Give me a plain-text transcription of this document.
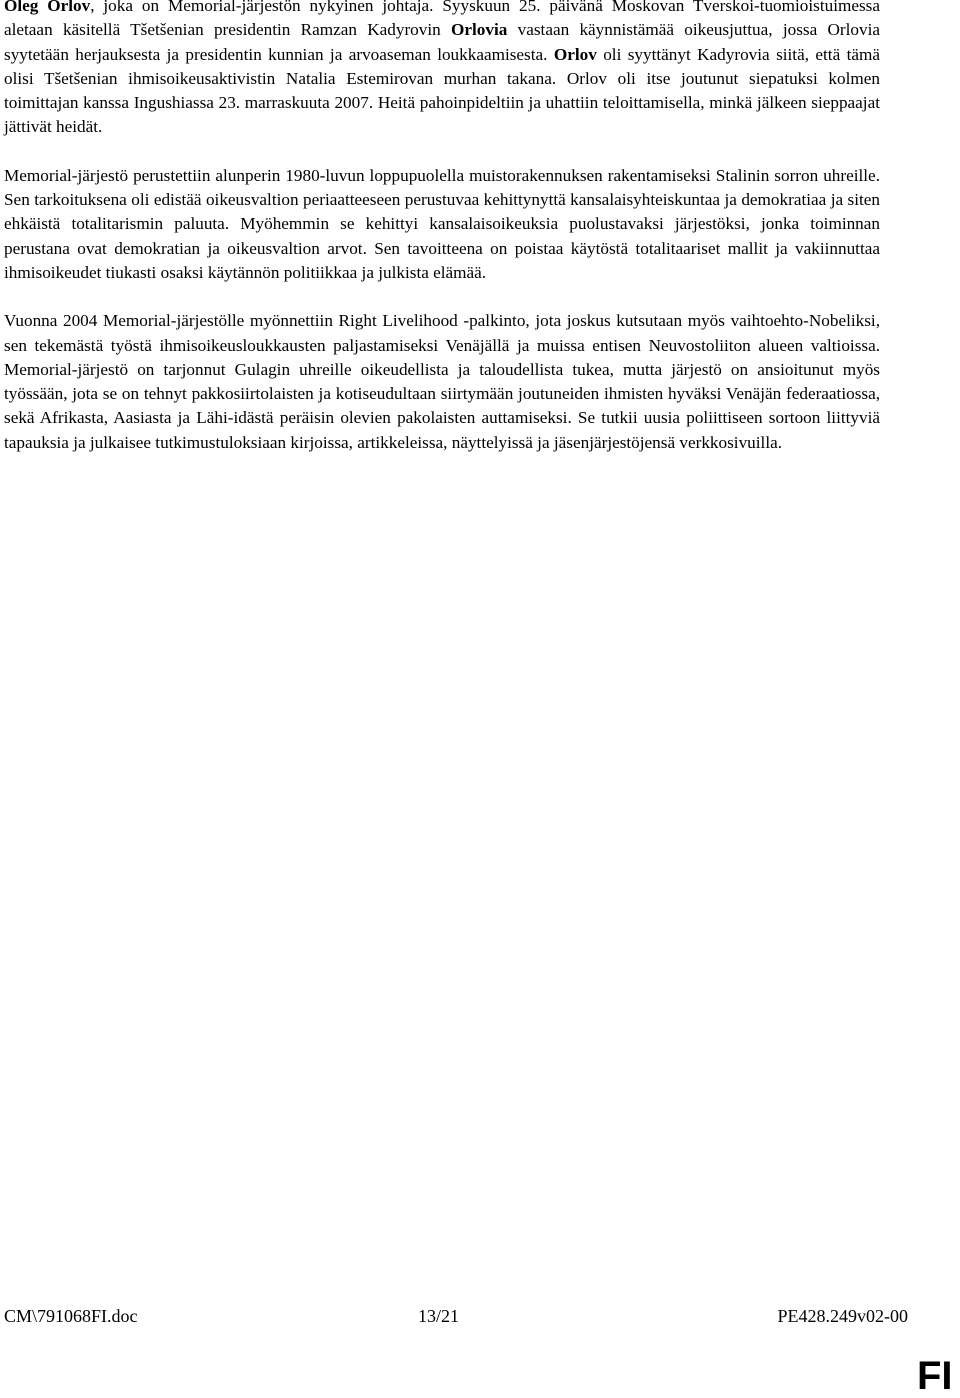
Oleg Orlov, joka on Memorial-järjestön nykyinen johtaja. Syyskuun 25. päivänä Moskovan Tverskoi-tuomioistuimessa aletaan käsitellä Tšetšenian presidentin Ramzan Kadyrovin Orlovia vastaan käynnistämää oikeusjuttua, jossa Orlovia syytetään herjauksesta ja presidentin kunnian ja arvoaseman loukkaamisesta. Orlov oli syyttänyt Kadyrovia siitä, että tämä olisi Tšetšenian ihmisoikeusaktivistin Natalia Estemirovan murhan takana. Orlov oli itse joutunut siepatuksi kolmen toimittajan kanssa Ingushiassa 23. marraskuuta 2007. Heitä pahoinpideltiin ja uhattiin teloittamisella, minkä jälkeen sieppaajat jättivät heidät.

Memorial-järjestö perustettiin alunperin 1980-luvun loppupuolella muistorakennuksen rakentamiseksi Stalinin sorron uhreille. Sen tarkoituksena oli edistää oikeusvaltion periaatteeseen perustuvaa kehittynyttä kansalaisyhteiskuntaa ja demokratiaa ja siten ehkäistä totalitarismin paluuta. Myöhemmin se kehittyi kansalaisoikeuksia puolustavaksi järjestöksi, jonka toiminnan perustana ovat demokratian ja oikeusvaltion arvot. Sen tavoitteena on poistaa käytöstä totalitaariset mallit ja vakiinnuttaa ihmisoikeudet tiukasti osaksi käytännön politiikkaa ja julkista elämää.

Vuonna 2004 Memorial-järjestölle myönnettiin Right Livelihood -palkinto, jota joskus kutsutaan myös vaihtoehto-Nobeliksi, sen tekemästä työstä ihmisoikeusloukkausten paljastamiseksi Venäjällä ja muissa entisen Neuvostoliiton alueen valtioissa. Memorial-järjestö on tarjonnut Gulagin uhreille oikeudellista ja taloudellista tukea, mutta järjestö on ansioitunut myös työssään, jota se on tehnyt pakkosiirtolaisten ja kotiseudultaan siirtymään joutuneiden ihmisten hyväksi Venäjän federaatiossa, sekä Afrikasta, Aasiasta ja Lähi-idästä peräisin olevien pakolaisten auttamiseksi. Se tutkii uusia poliittiseen sortoon liittyviä tapauksia ja julkaisee tutkimustuloksiaan kirjoissa, artikkeleissa, näyttelyissä ja jäsenjärjestöjensä verkkosivuilla.

CM\791068FI.doc	13/21	PE428.249v02-00
FI
